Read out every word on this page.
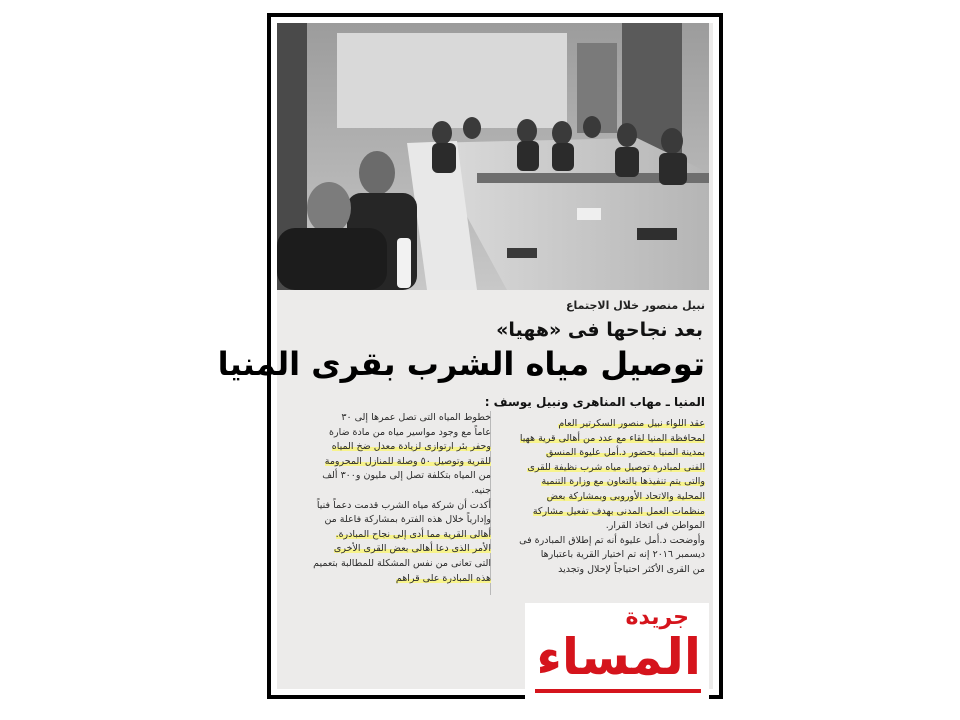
نبيل منصور خلال الاجتماع
بعد نجاحها فى «ههيا»
توصيل مياه الشرب بقرى المنيا
المنيا ـ مهاب المناهرى ونبيل يوسف :

عقد اللواء نبيل منصور السكرتير العام

لمحافظة المنيا لقاء مع عدد من أهالى قرية ههيا

بمدينة المنيا بحضور د.أمل عليوة المنسق

الفنى لمبادرة توصيل مياه شرب نظيفة للقرى

والتى يتم تنفيذها بالتعاون مع وزارة التنمية

المحلية والاتحاد الأوروبى وبمشاركة بعض

منظمات العمل المدنى بهدف تفعيل مشاركة

المواطن فى اتخاذ القرار.

وأوضحت د.أمل عليوة أنه تم إطلاق المبادرة فى

ديسمبر ٢٠١٦ إنه تم اختيار القرية باعتبارها

من القرى الأكثر احتياجاً لإحلال وتجديد

خطوط المياه التى تصل عمرها إلى ٣٠

عاماً مع وجود مواسير مياه من مادة ضارة

وحفر بئر ارتوازى لزيادة معدل ضخ المياه

للقرية وتوصيل ٥٠ وصلة للمنازل المحرومة

من المياه بتكلفة تصل إلى مليون و٣٠٠ ألف

جنيه.

أكدت أن شركة مياه الشرب قدمت دعماً فنياً

وإدارياً خلال هذه الفترة بمشاركة فاعلة من

أهالى القرية مما أدى إلى نجاح المبادرة.

الأمر الذى دعا أهالى بعض القرى الأخرى

التى تعانى من نفس المشكلة للمطالبة بتعميم

هذه المبادرة على قراهم

جريدة
المساء
